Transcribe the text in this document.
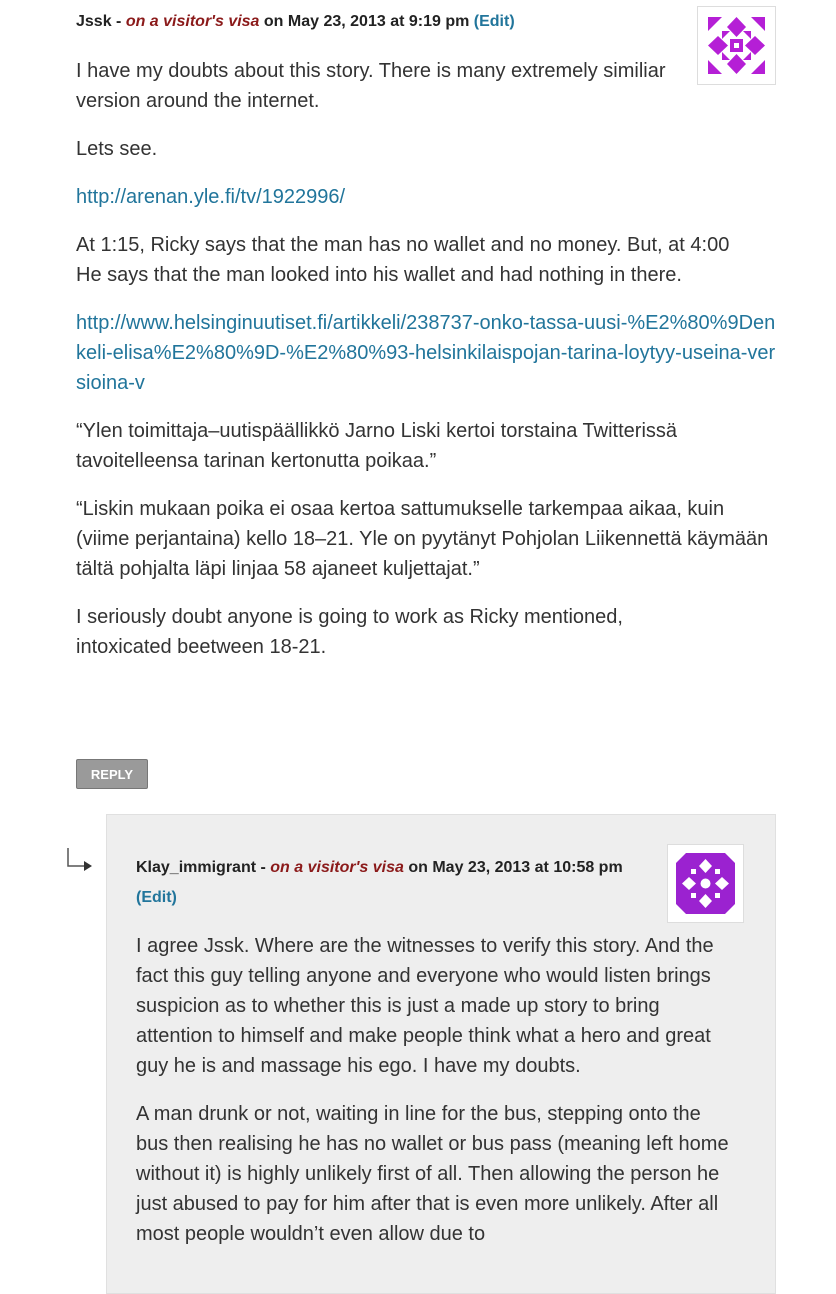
Jssk - on a visitor's visa on May 23, 2013 at 9:19 pm (Edit)

I have my doubts about this story. There is many extremely similiar version around the internet.

Lets see.

http://arenan.yle.fi/tv/1922996/

At 1:15, Ricky says that the man has no wallet and no money. But, at 4:00 He says that the man looked into his wallet and had nothing in there.

http://www.helsinginuutiset.fi/artikkeli/238737-onko-tassa-uusi-%E2%80%9Denkeli-elisa%E2%80%9D-%E2%80%93-helsinkilaispojan-tarina-loytyy-useina-versioina-v

“Ylen toimittaja–uutispäällikkö Jarno Liski kertoi torstaina Twitterissä tavoitelleensa tarinan kertonutta poikaa.”

“Liskin mukaan poika ei osaa kertoa sattumukselle tarkempaa aikaa, kuin (viime perjantaina) kello 18–21. Yle on pyytänyt Pohjolan Liikennettä käymään tältä pohjalta läpi linjaa 58 ajaneet kuljettajat.”

I seriously doubt anyone is going to work as Ricky mentioned, intoxicated beetween 18-21.

REPLY
Klay_immigrant - on a visitor's visa on May 23, 2013 at 10:58 pm (Edit)

I agree Jssk. Where are the witnesses to verify this story. And the fact this guy telling anyone and everyone who would listen brings suspicion as to whether this is just a made up story to bring attention to himself and make people think what a hero and great guy he is and massage his ego. I have my doubts.

A man drunk or not, waiting in line for the bus, stepping onto the bus then realising he has no wallet or bus pass (meaning left home without it) is highly unlikely first of all. Then allowing the person he just abused to pay for him after that is even more unlikely. After all most people wouldn’t even allow due to
